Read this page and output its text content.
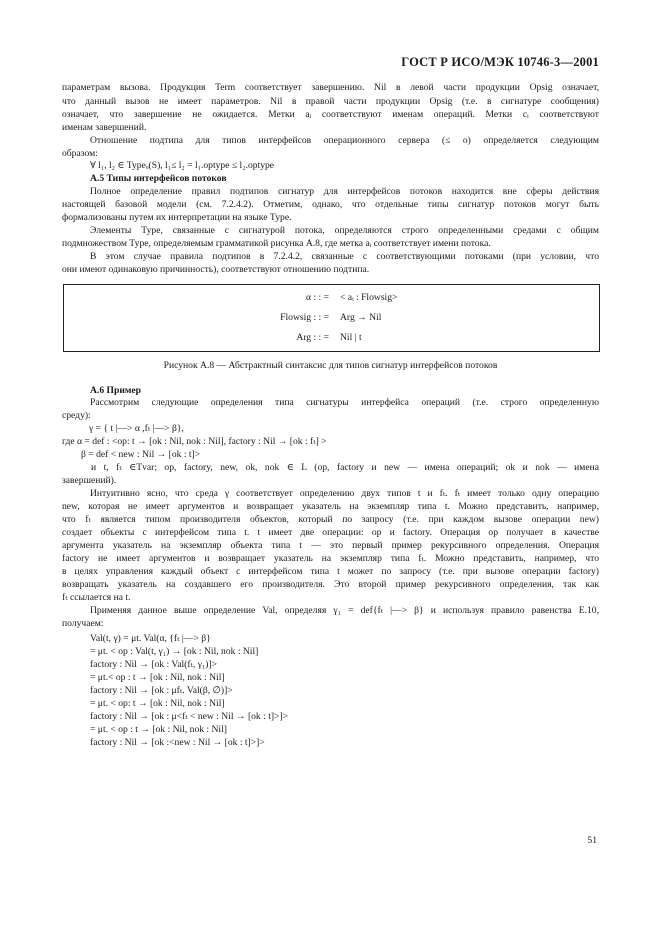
ГОСТ Р ИСО/МЭК 10746-3—2001
параметрам вызова. Продукция Term соответствует завершению. Nil в левой части продукции Opsig означает,
что данный вызов не имеет параметров. Nil в правой части продукции Opsig (т.е. в сигнатуре сообщения)
означает, что завершение не ожидается. Метки aᵢ соответствуют именам операций. Метки cᵢ соответствуют
именам завершений.
Отношение подтипа для типов интерфейсов операционного сервера (≤ о) определяется следующим
образом:
∀ l₁, l₂ ∈ Typeₒ(S), l₁≤ l₂ = l₁.optype ≤ l₂.optype
А.5 Типы интерфейсов потоков
Полное определение правил подтипов сигнатур для интерфейсов потоков находится вне сферы действия
настоящей базовой модели (см. 7.2.4.2). Отметим, однако, что отдельные типы сигнатур потоков могут быть
формализованы путем их интерпретации на языке Туре.
Элементы Туре, связанные с сигнатурой потока, определяются строго определенными средами с общим
подмножеством Туре, определяемым грамматикой рисунка А.8, где метка aᵢ соответствует имени потока.
В этом случае правила подтипов в 7.2.4.2, связанные с соответствующими потоками (при условии, что
они имеют одинаковую причинность), соответствуют отношению подтипа.
α : : = < aᵢ : Flowsig>
Flowsig : : = Arg → Nil
Arg : : = Nil | t
Рисунок А.8 — Абстрактный синтаксис для типов сигнатур интерфейсов потоков
А.6 Пример
Рассмотрим следующие определения типа сигнатуры интерфейса операций (т.е. строго определенную
среду):
γ = { t |—> α ,fₜ |—> β},
где α = def : <op: t → [ok : Nil, nok : Nil], factory : Nil → [ok : fₜ] >
β = def < new : Nil → [ok : t]>
и t, fₜ ∈Tvar; op, factory, new, ok, nok ∈ L (op, factory и new — имена операций; ok и nok — имена
завершений).
Интуитивно ясно, что среда γ соответствует определению двух типов t и fₜ. fₜ имеет только одну операцию
new, которая не имеет аргументов и возвращает указатель на экземпляр типа t. Можно представить, например,
что fₜ является типом производителя объектов, который по запросу (т.е. при каждом вызове операции new)
создает объекты с интерфейсом типа t. t имеет две операции: op и factory. Операция op получает в качестве
аргумента указатель на экземпляр объекта типа t — это первый пример рекурсивного определения. Операция
factory не имеет аргументов и возвращает указатель на экземпляр типа fₜ. Можно представить, например, что
в целях управления каждый объект с интерфейсом типа t может по запросу (т.е. при вызове операции factory)
возвращать указатель на создавшего его производителя. Это второй пример рекурсивного определения, так как
fₜ ссылается на t.
Применяя данное выше определение Val, определяя γ₁ = def{fₜ |—> β} и используя правило равенства Е.10,
получаем:
Val(t, γ) = μt. Val(α, {fₜ |—> β}
= μt. < op : Val(t, γ₁) → [ok : Nil, nok : Nil]
factory : Nil → [ok : Val(fₜ, γ₁)]>
= μt.< op : t → [ok : Nil, nok : Nil]
factory : Nil → [ok : μfₜ. Val(β, ∅)]>
= μt. < op: t → [ok : Nil, nok : Nil]
factory : Nil → [ok : μ<fₜ < new : Nil → [ok : t]>]>
= μt. < op : t → [ok : Nil, nok : Nil]
factory : Nil → [ok :<new : Nil → [ok : t]>]>
51
